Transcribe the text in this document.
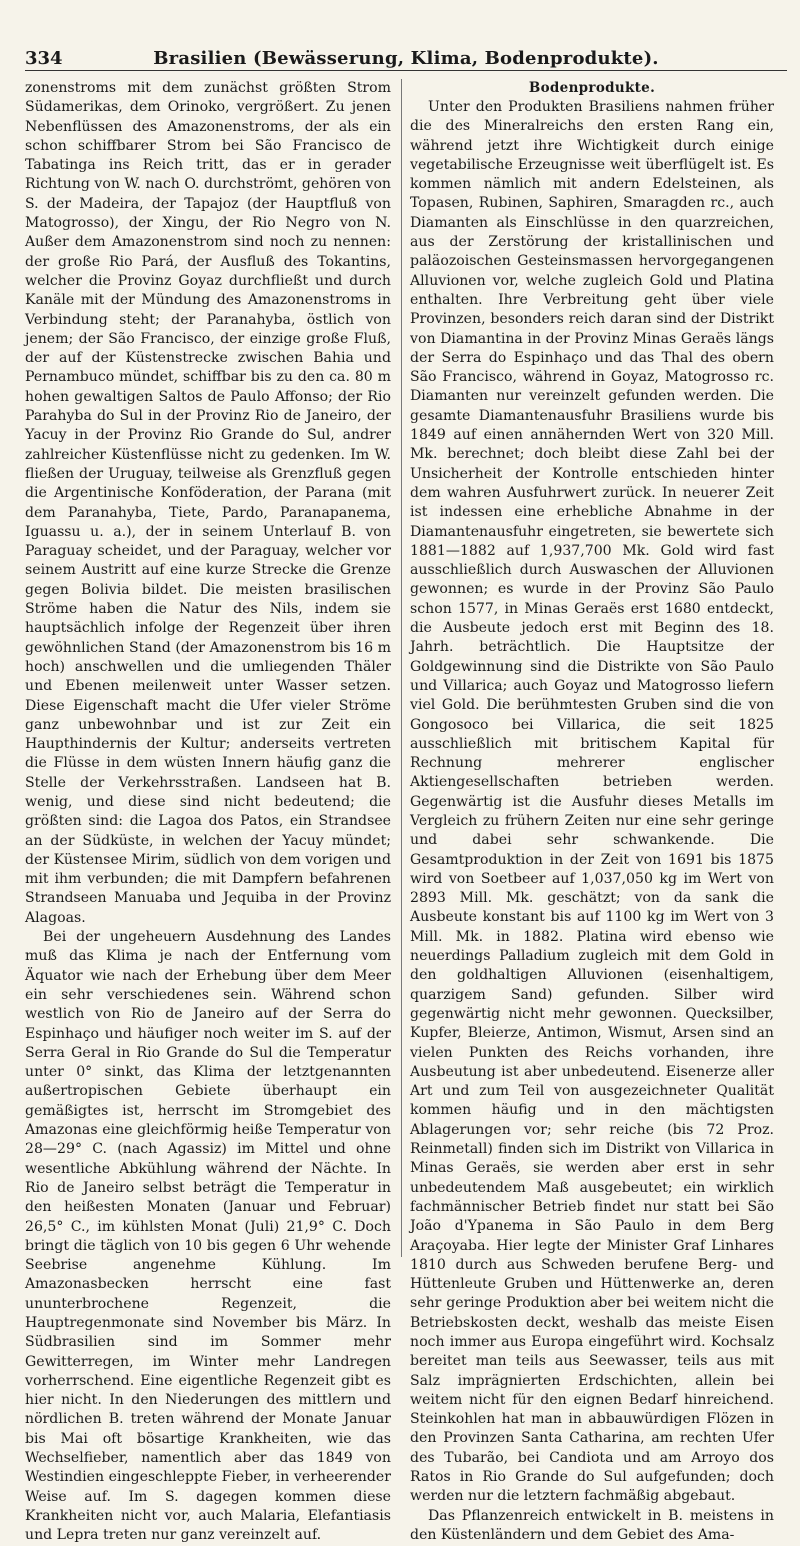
334	Brasilien (Bewässerung, Klima, Bodenprodukte).

zonenstroms mit dem zunächst größten Strom Südamerikas, dem Orinoko, vergrößert. Zu jenen Nebenflüssen des Amazonenstroms, der als ein schon schiffbarer Strom bei São Francisco de Tabatinga ins Reich tritt, das er in gerader Richtung von W. nach O. durchströmt, gehören von S. der Madeira, der Tapajoz (der Hauptfluß von Matogrosso), der Xingu, der Rio Negro von N. Außer dem Amazonenstrom sind noch zu nennen: der große Rio Pará, der Ausfluß des Tokantins, welcher die Provinz Goyaz durchfließt und durch Kanäle mit der Mündung des Amazonenstroms in Verbindung steht; der Paranahyba, östlich von jenem; der São Francisco, der einzige große Fluß, der auf der Küstenstrecke zwischen Bahia und Pernambuco mündet, schiffbar bis zu den ca. 80 m hohen gewaltigen Saltos de Paulo Affonso; der Rio Parahyba do Sul in der Provinz Rio de Janeiro, der Yacuy in der Provinz Rio Grande do Sul, andrer zahlreicher Küstenflüsse nicht zu gedenken. Im W. fließen der Uruguay, teilweise als Grenzfluß gegen die Argentinische Konföderation, der Parana (mit dem Paranahyba, Tiete, Pardo, Paranapanema, Iguassu u. a.), der in seinem Unterlauf B. von Paraguay scheidet, und der Paraguay, welcher vor seinem Austritt auf eine kurze Strecke die Grenze gegen Bolivia bildet. Die meisten brasilischen Ströme haben die Natur des Nils, indem sie hauptsächlich infolge der Regenzeit über ihren gewöhnlichen Stand (der Amazonenstrom bis 16 m hoch) anschwellen und die umliegenden Thäler und Ebenen meilenweit unter Wasser setzen. Diese Eigenschaft macht die Ufer vieler Ströme ganz unbewohnbar und ist zur Zeit ein Haupthindernis der Kultur; anderseits vertreten die Flüsse in dem wüsten Innern häufig ganz die Stelle der Verkehrsstraßen. Landseen hat B. wenig, und diese sind nicht bedeutend; die größten sind: die Lagoa dos Patos, ein Strandsee an der Südküste, in welchen der Yacuy mündet; der Küstensee Mirim, südlich von dem vorigen und mit ihm verbunden; die mit Dampfern befahrenen Strandseen Manuaba und Jequiba in der Provinz Alagoas.

Bei der ungeheuern Ausdehnung des Landes muß das Klima je nach der Entfernung vom Äquator wie nach der Erhebung über dem Meer ein sehr verschiedenes sein. Während schon westlich von Rio de Janeiro auf der Serra do Espinhaço und häufiger noch weiter im S. auf der Serra Geral in Rio Grande do Sul die Temperatur unter 0° sinkt, das Klima der letztgenannten außertropischen Gebiete überhaupt ein gemäßigtes ist, herrscht im Stromgebiet des Amazonas eine gleichförmig heiße Temperatur von 28—29° C. (nach Agassiz) im Mittel und ohne wesentliche Abkühlung während der Nächte. In Rio de Janeiro selbst beträgt die Temperatur in den heißesten Monaten (Januar und Februar) 26,5° C., im kühlsten Monat (Juli) 21,9° C. Doch bringt die täglich von 10 bis gegen 6 Uhr wehende Seebrise angenehme Kühlung. Im Amazonasbecken herrscht eine fast ununterbrochene Regenzeit, die Hauptregenmonate sind November bis März. In Südbrasilien sind im Sommer mehr Gewitterregen, im Winter mehr Landregen vorherrschend. Eine eigentliche Regenzeit gibt es hier nicht. In den Niederungen des mittlern und nördlichen B. treten während der Monate Januar bis Mai oft bösartige Krankheiten, wie das Wechselfieber, namentlich aber das 1849 von Westindien eingeschleppte Fieber, in verheerender Weise auf. Im S. dagegen kommen diese Krankheiten nicht vor, auch Malaria, Elefantiasis und Lepra treten nur ganz vereinzelt auf.

Bodenprodukte.

Unter den Produkten Brasiliens nahmen früher die des Mineralreichs den ersten Rang ein, während jetzt ihre Wichtigkeit durch einige vegetabilische Erzeugnisse weit überflügelt ist. Es kommen nämlich mit andern Edelsteinen, als Topasen, Rubinen, Saphiren, Smaragden rc., auch Diamanten als Einschlüsse in den quarzreichen, aus der Zerstörung der kristallinischen und paläozoischen Gesteinsmassen hervorgegangenen Alluvionen vor, welche zugleich Gold und Platina enthalten. Ihre Verbreitung geht über viele Provinzen, besonders reich daran sind der Distrikt von Diamantina in der Provinz Minas Geraës längs der Serra do Espinhaço und das Thal des obern São Francisco, während in Goyaz, Matogrosso rc. Diamanten nur vereinzelt gefunden werden. Die gesamte Diamantenausfuhr Brasiliens wurde bis 1849 auf einen annähernden Wert von 320 Mill. Mk. berechnet; doch bleibt diese Zahl bei der Unsicherheit der Kontrolle entschieden hinter dem wahren Ausfuhrwert zurück. In neuerer Zeit ist indessen eine erhebliche Abnahme in der Diamantenausfuhr eingetreten, sie bewertete sich 1881—1882 auf 1,937,700 Mk. Gold wird fast ausschließlich durch Auswaschen der Alluvionen gewonnen; es wurde in der Provinz São Paulo schon 1577, in Minas Geraës erst 1680 entdeckt, die Ausbeute jedoch erst mit Beginn des 18. Jahrh. beträchtlich. Die Hauptsitze der Goldgewinnung sind die Distrikte von São Paulo und Villarica; auch Goyaz und Matogrosso liefern viel Gold. Die berühmtesten Gruben sind die von Gongosoco bei Villarica, die seit 1825 ausschließlich mit britischem Kapital für Rechnung mehrerer englischer Aktiengesellschaften betrieben werden. Gegenwärtig ist die Ausfuhr dieses Metalls im Vergleich zu frühern Zeiten nur eine sehr geringe und dabei sehr schwankende. Die Gesamtproduktion in der Zeit von 1691 bis 1875 wird von Soetbeer auf 1,037,050 kg im Wert von 2893 Mill. Mk. geschätzt; von da sank die Ausbeute konstant bis auf 1100 kg im Wert von 3 Mill. Mk. in 1882. Platina wird ebenso wie neuerdings Palladium zugleich mit dem Gold in den goldhaltigen Alluvionen (eisenhaltigem, quarzigem Sand) gefunden. Silber wird gegenwärtig nicht mehr gewonnen. Quecksilber, Kupfer, Bleierze, Antimon, Wismut, Arsen sind an vielen Punkten des Reichs vorhanden, ihre Ausbeutung ist aber unbedeutend. Eisenerze aller Art und zum Teil von ausgezeichneter Qualität kommen häufig und in den mächtigsten Ablagerungen vor; sehr reiche (bis 72 Proz. Reinmetall) finden sich im Distrikt von Villarica in Minas Geraës, sie werden aber erst in sehr unbedeutendem Maß ausgebeutet; ein wirklich fachmännischer Betrieb findet nur statt bei São João d'Ypanema in São Paulo in dem Berg Araçoyaba. Hier legte der Minister Graf Linhares 1810 durch aus Schweden berufene Berg- und Hüttenleute Gruben und Hüttenwerke an, deren sehr geringe Produktion aber bei weitem nicht die Betriebskosten deckt, weshalb das meiste Eisen noch immer aus Europa eingeführt wird. Kochsalz bereitet man teils aus Seewasser, teils aus mit Salz imprägnierten Erdschichten, allein bei weitem nicht für den eignen Bedarf hinreichend. Steinkohlen hat man in abbauwürdigen Flözen in den Provinzen Santa Catharina, am rechten Ufer des Tubarão, bei Candiota und am Arroyo dos Ratos in Rio Grande do Sul aufgefunden; doch werden nur die letztern fachmäßig abgebaut.

Das Pflanzenreich entwickelt in B. meistens in den Küstenländern und dem Gebiet des Ama-
